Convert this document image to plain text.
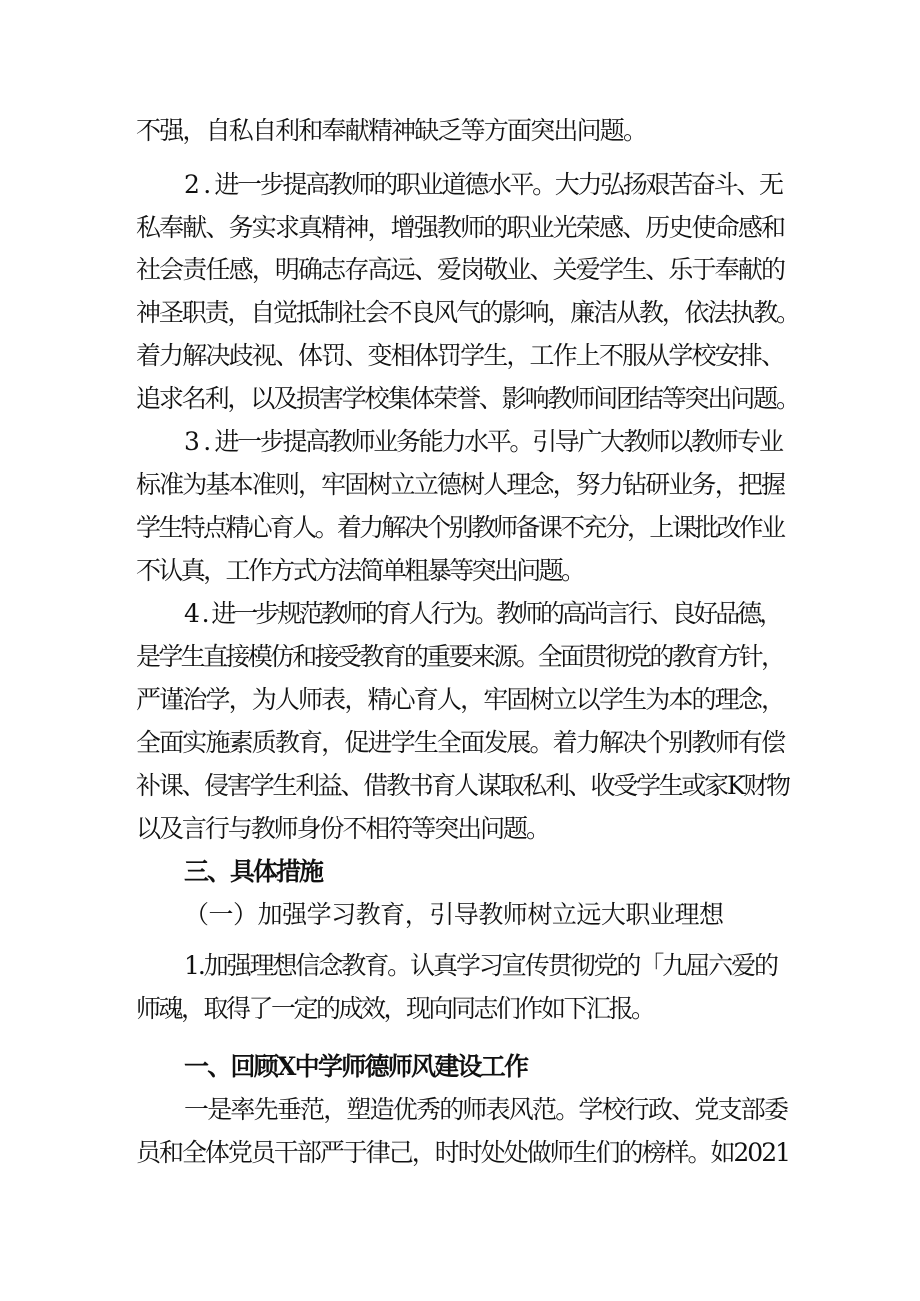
不强，自私自利和奉献精神缺乏等方面突出问题。
2 . 进一步提高教师的职业道德水平。大力弘扬艰苦奋斗、无
私奉献、务实求真精神，增强教师的职业光荣感、历史使命感和
社会责任感，明确志存高远、爱岗敬业、关爱学生、乐于奉献的
神圣职责，自觉抵制社会不良风气的影响，廉洁从教，依法执教。
着力解决歧视、体罚、变相体罚学生，工作上不服从学校安排、
追求名利，以及损害学校集体荣誉、影响教师间团结等突出问题。
3 . 进一步提高教师业务能力水平。引导广大教师以教师专业
标准为基本准则，牢固树立立德树人理念，努力钻研业务，把握
学生特点精心育人。着力解决个别教师备课不充分，上课批改作业
不认真，工作方式方法简单粗暴等突出问题。
4 . 进一步规范教师的育人行为。教师的高尚言行、良好品德，
是学生直接模仿和接受教育的重要来源。全面贯彻党的教育方针，
严谨治学，为人师表，精心育人，牢固树立以学生为本的理念，
全面实施素质教育，促进学生全面发展。着力解决个别教师有偿
补课、侵害学生利益、借教书育人谋取私利、收受学生或家K财物
以及言行与教师身份不相符等突出问题。
三、具体措施
（一）加强学习教育，引导教师树立远大职业理想
1.加强理想信念教育。认真学习宣传贯彻党的「九屈六爱的
师魂，取得了一定的成效，现向同志们作如下汇报。
一、回顾X中学师德师风建设工作
一是率先垂范，塑造优秀的师表风范。学校行政、党支部委
员和全体党员干部严于律己，时时处处做师生们的榜样。如2021
